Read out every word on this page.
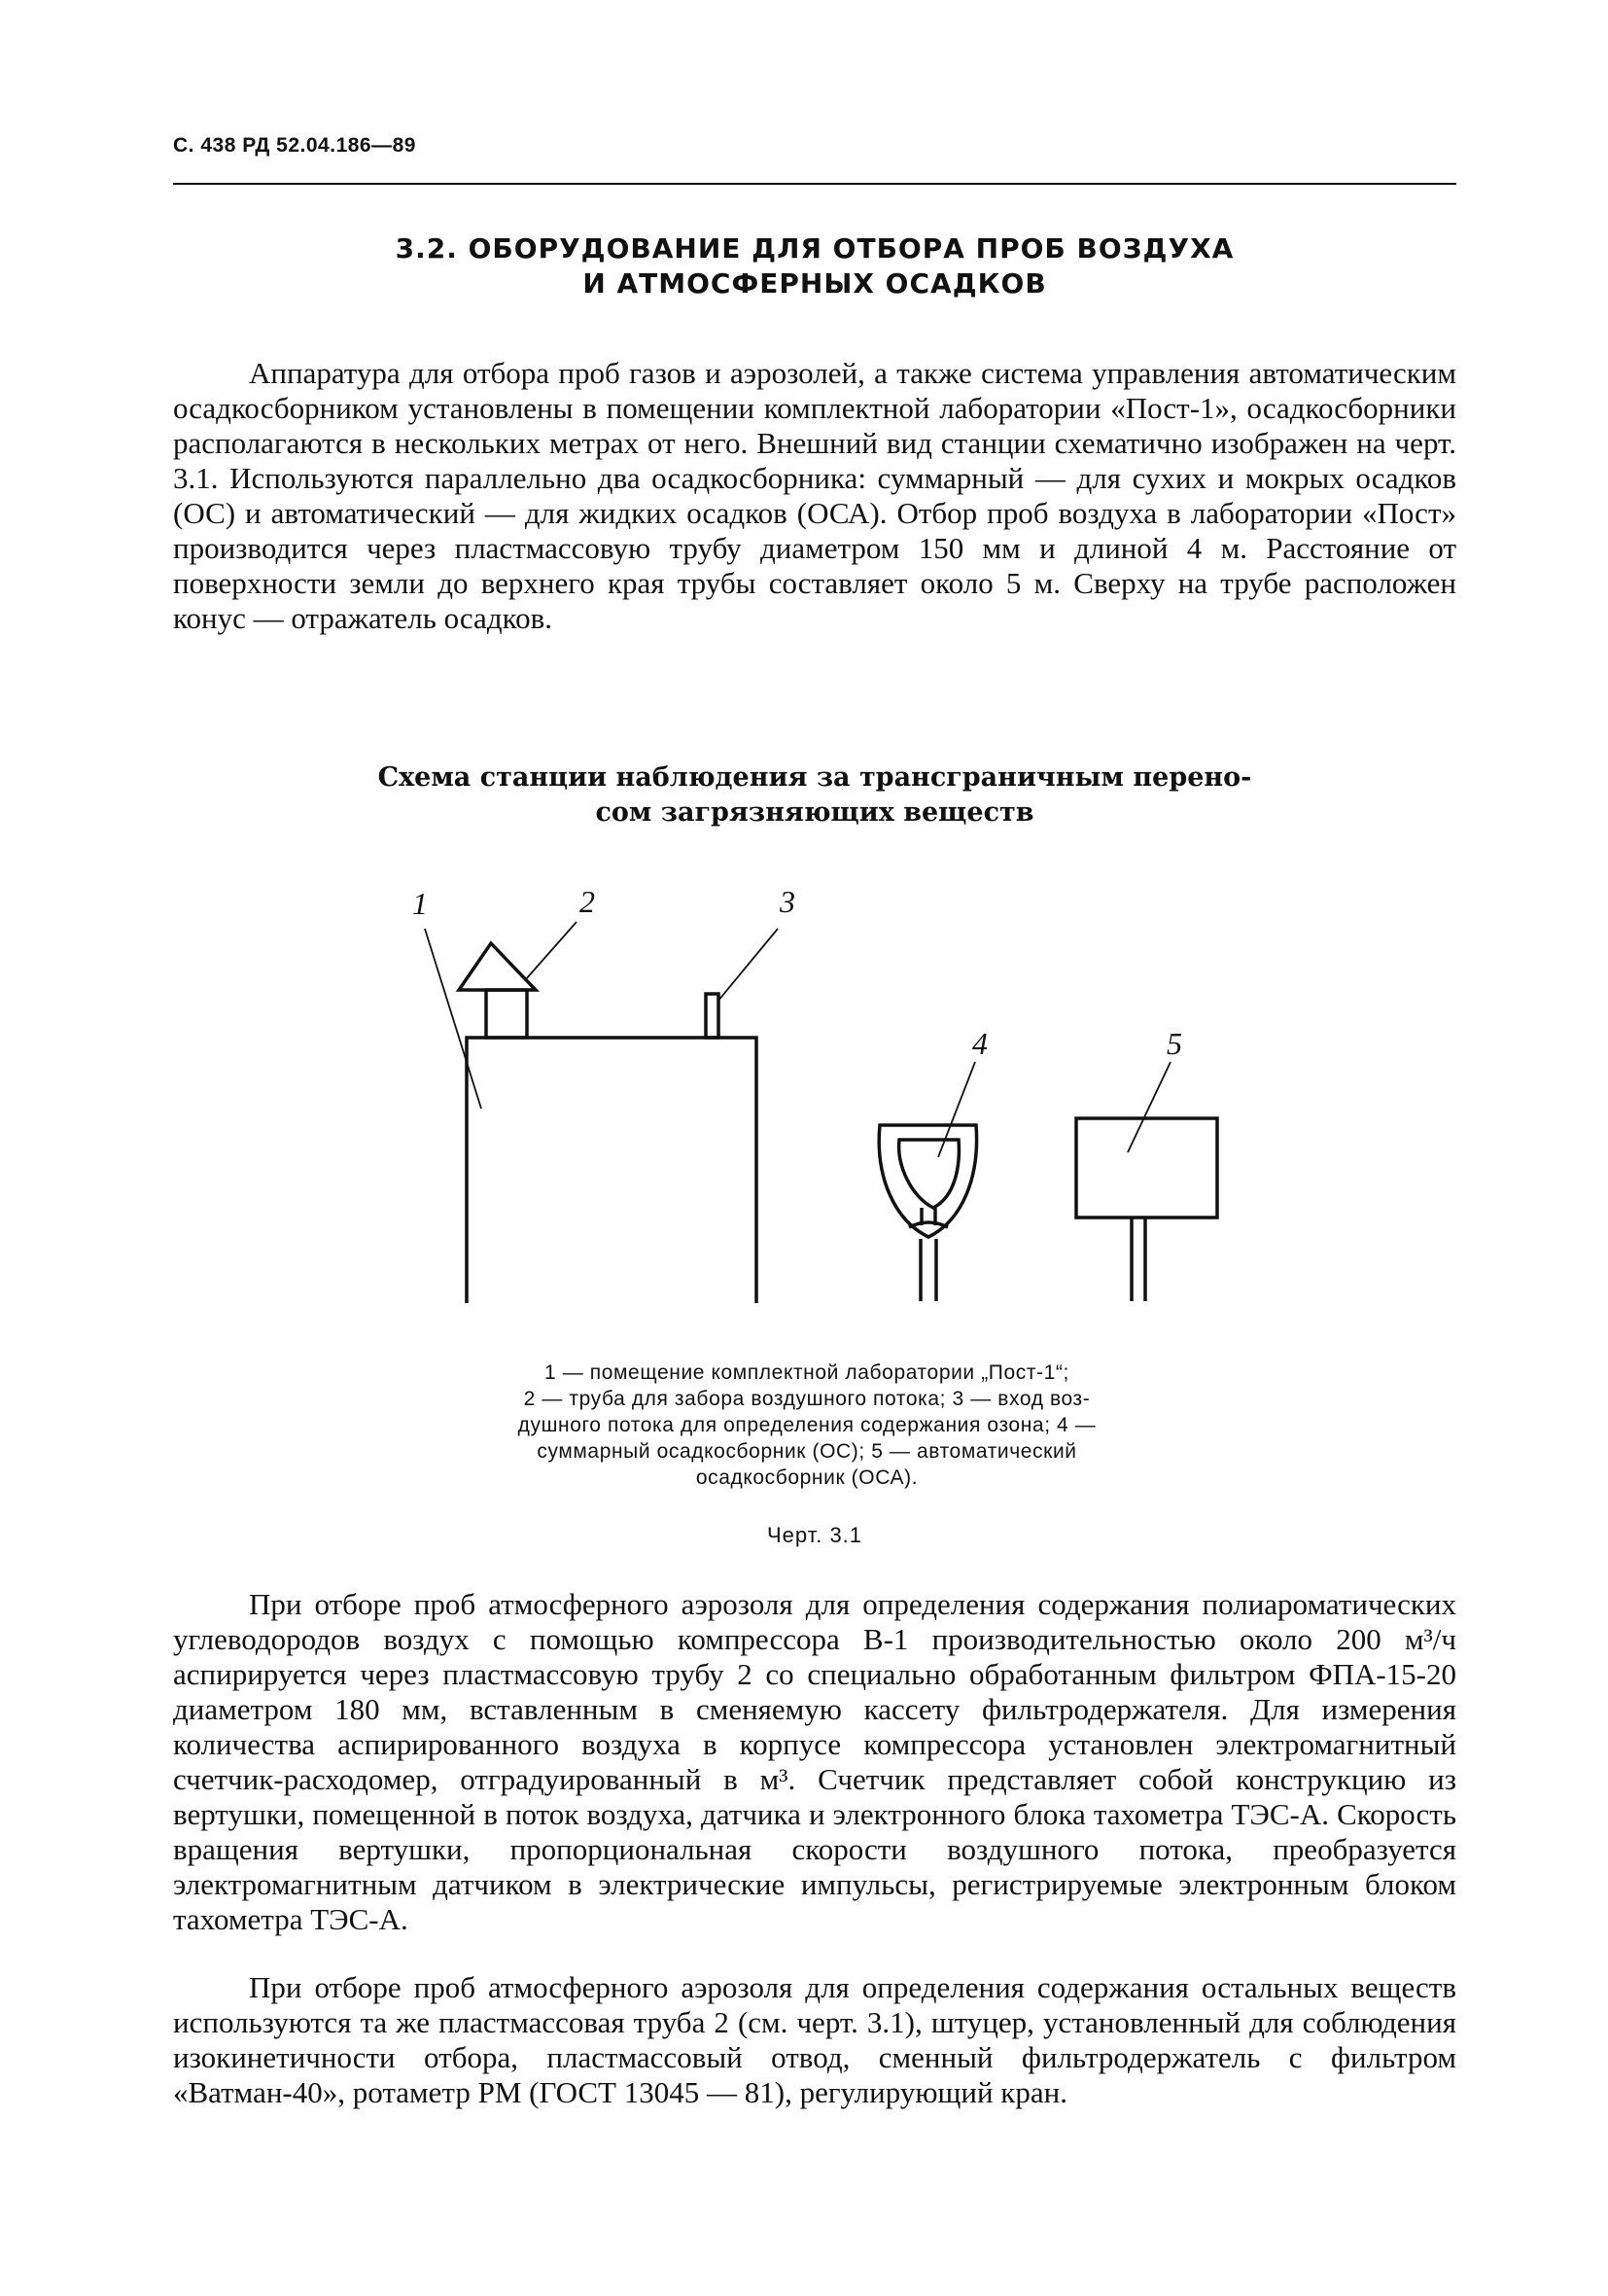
С. 438 РД 52.04.186—89
3.2. ОБОРУДОВАНИЕ ДЛЯ ОТБОРА ПРОБ ВОЗДУХА
И АТМОСФЕРНЫХ ОСАДКОВ
Аппаратура для отбора проб газов и аэрозолей, а также система управления автоматическим осадкосборником установлены в помещении комплектной лаборатории «Пост-1», осадкосборники располагаются в нескольких метрах от него. Внешний вид станции схематично изображен на черт. 3.1. Используются параллельно два осадкосборника: суммарный — для сухих и мокрых осадков (ОС) и автоматический — для жидких осадков (ОСА). Отбор проб воздуха в лаборатории «Пост» производится через пластмассовую трубу диаметром 150 мм и длиной 4 м. Расстояние от поверхности земли до верхнего края трубы составляет около 5 м. Сверху на трубе расположен конус — отражатель осадков.
Схема станции наблюдения за трансграничным перено-
сом загрязняющих веществ
1	2	3
4	5
1 — помещение комплектной лаборатории „Пост-1“;
2 — труба для забора воздушного потока; 3 — вход воз-
душного потока для определения содержания озона; 4 —
суммарный осадкосборник (ОС); 5 — автоматический
осадкосборник (ОСА).
Черт. 3.1
При отборе проб атмосферного аэрозоля для определения содержания полиароматических углеводородов воздух с помощью компрессора В-1 производительностью около 200 м³/ч аспирируется через пластмассовую трубу 2 со специально обработанным фильтром ФПА-15-20 диаметром 180 мм, вставленным в сменяемую кассету фильтродержателя. Для измерения количества аспирированного воздуха в корпусе компрессора установлен электромагнитный счетчик-расходомер, отградуированный в м³. Счетчик представляет собой конструкцию из вертушки, помещенной в поток воздуха, датчика и электронного блока тахометра ТЭС-А. Скорость вращения вертушки, пропорциональная скорости воздушного потока, преобразуется электромагнитным датчиком в электрические импульсы, регистрируемые электронным блоком тахометра ТЭС-А.
При отборе проб атмосферного аэрозоля для определения содержания остальных веществ используются та же пластмассовая труба 2 (см. черт. 3.1), штуцер, установленный для соблюдения изокинетичности отбора, пластмассовый отвод, сменный фильтродержатель с фильтром «Ватман-40», ротаметр РМ (ГОСТ 13045 — 81), регулирующий кран.
